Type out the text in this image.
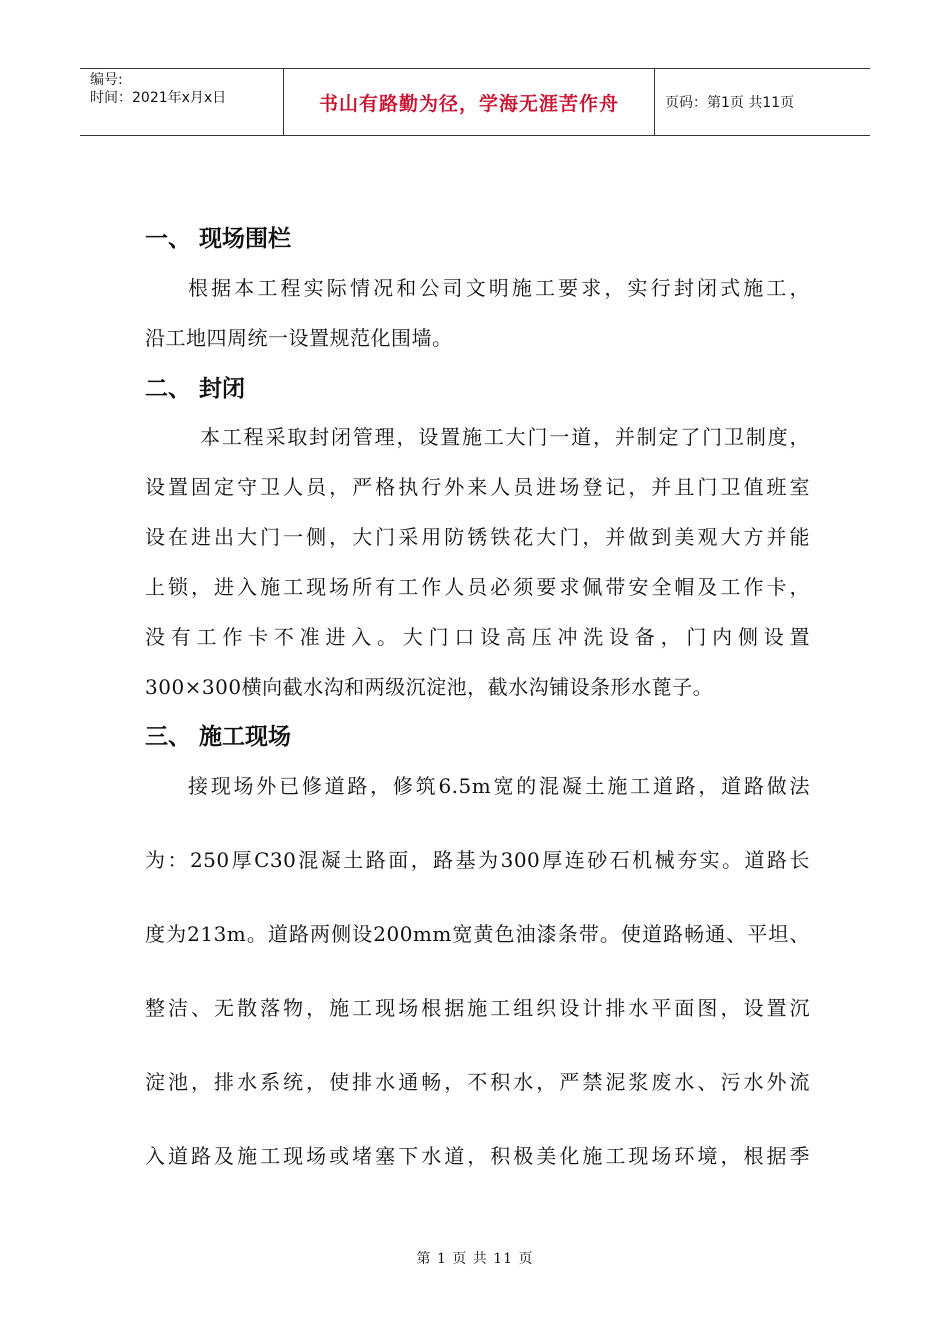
编号:
时间：2021年x月x日	书山有路勤为径，学海无涯苦作舟	页码：第1页 共11页
一、 现场围栏
根据本工程实际情况和公司文明施工要求，实行封闭式施工，
沿工地四周统一设置规范化围墙。
二、 封闭
本工程采取封闭管理，设置施工大门一道，并制定了门卫制度，
设置固定守卫人员，严格执行外来人员进场登记，并且门卫值班室
设在进出大门一侧，大门采用防锈铁花大门，并做到美观大方并能
上锁，进入施工现场所有工作人员必须要求佩带安全帽及工作卡，
没有工作卡不准进入。大门口设高压冲洗设备，门内侧设置
300×300横向截水沟和两级沉淀池，截水沟铺设条形水蓖子。
三、 施工现场
接现场外已修道路，修筑6.5m宽的混凝土施工道路，道路做法
为：250厚C30混凝土路面，路基为300厚连砂石机械夯实。道路长
度为213m。道路两侧设200mm宽黄色油漆条带。使道路畅通、平坦、
整洁、无散落物，施工现场根据施工组织设计排水平面图，设置沉
淀池，排水系统，使排水通畅，不积水，严禁泥浆废水、污水外流
入道路及施工现场或堵塞下水道，积极美化施工现场环境，根据季
第 1 页 共 11 页
